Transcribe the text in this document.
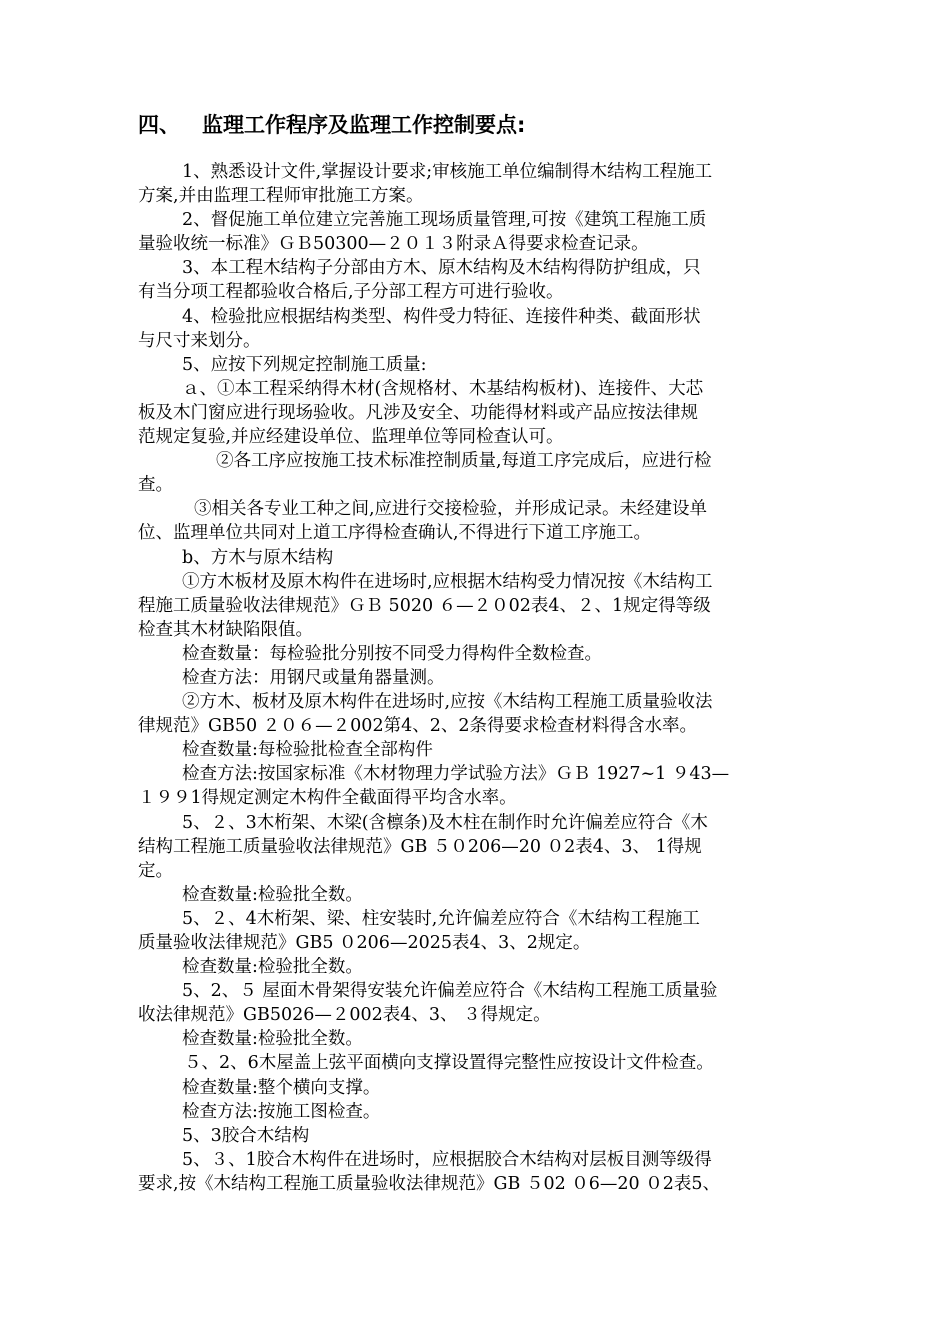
四、 监理工作程序及监理工作控制要点:
1、熟悉设计文件,掌握设计要求;审核施工单位编制得木结构工程施工
方案,并由监理工程师审批施工方案。
2、督促施工单位建立完善施工现场质量管理,可按《建筑工程施工质
量验收统一标准》ＧＢ50300—２０１３附录Ａ得要求检查记录。
3、本工程木结构子分部由方木、原木结构及木结构得防护组成，只
有当分项工程都验收合格后,子分部工程方可进行验收。
4、检验批应根据结构类型、构件受力特征、连接件种类、截面形状
与尺寸来划分。
5、应按下列规定控制施工质量:
ａ、①本工程采纳得木材(含规格材、木基结构板材)、连接件、大芯
板及木门窗应进行现场验收。凡涉及安全、功能得材料或产品应按法律规
范规定复验,并应经建设单位、监理单位等同检查认可。
②各工序应按施工技术标准控制质量,每道工序完成后，应进行检
查。
③相关各专业工种之间,应进行交接检验，并形成记录。未经建设单
位、监理单位共同对上道工序得检查确认,不得进行下道工序施工。
b、方木与原木结构
①方木板材及原木构件在进场时,应根据木结构受力情况按《木结构工
程施工质量验收法律规范》ＧＢ 5020 ６—２０02表4、２、1规定得等级
检查其木材缺陷限值。
检查数量：每检验批分别按不同受力得构件全数检查。
检查方法：用钢尺或量角器量测。
②方木、板材及原木构件在进场时,应按《木结构工程施工质量验收法
律规范》GB50 ２０６—２002第4、2、2条得要求检查材料得含水率。
检查数量:每检验批检查全部构件
检查方法:按国家标准《木材物理力学试验方法》ＧＢ 1927~1 ９43—
１９９1得规定测定木构件全截面得平均含水率。
5、２、3木桁架、木梁(含檩条)及木柱在制作时允许偏差应符合《木
结构工程施工质量验收法律规范》GB ５０206—20 ０2表4、3、 1得规
定。
检查数量:检验批全数。
5、２、4木桁架、梁、柱安装时,允许偏差应符合《木结构工程施工
质量验收法律规范》GB5 ０206—2025表4、3、2规定。
检查数量:检验批全数。
5、2、５ 屋面木骨架得安装允许偏差应符合《木结构工程施工质量验
收法律规范》GB5026—２002表4、3、 ３得规定。
检查数量:检验批全数。
５、2、6木屋盖上弦平面横向支撑设置得完整性应按设计文件检查。
检查数量:整个横向支撑。
检查方法:按施工图检查。
5、3胶合木结构
5、３、1胶合木构件在进场时，应根据胶合木结构对层板目测等级得
要求,按《木结构工程施工质量验收法律规范》GB ５02 ０6—20 ０2表5、
